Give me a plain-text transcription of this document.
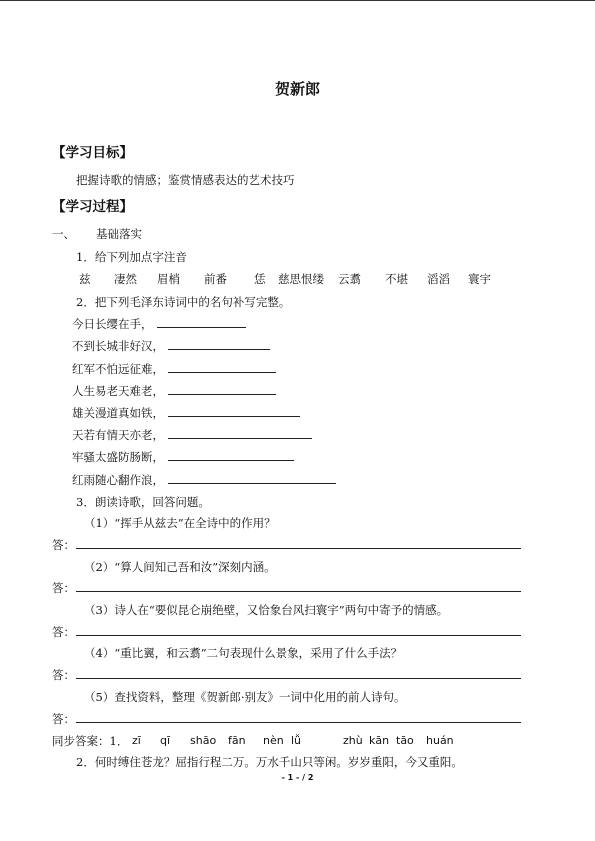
贺新郎
【学习目标】
把握诗歌的情感；鉴赏情感表达的艺术技巧
【学习过程】
一、 基础落实
1．给下列加点字注音
兹 凄然 眉梢 前番 恁 慈思恨缕 云翥 不堪 滔滔 寰宇
2．把下列毛泽东诗词中的名句补写完整。
今日长缨在手，
不到长城非好汉，
红军不怕远征难，
人生易老天难老，
雄关漫道真如铁，
天若有情天亦老，
牢骚太盛防肠断，
红雨随心翻作浪，
3．朗读诗歌，回答问题。
（1）“挥手从兹去”在全诗中的作用？
答：
（2）“算人间知己吾和汝”深刻内涵。
答：
（3）诗人在“要似昆仑崩绝壁，又恰象台风扫寰宇”两句中寄予的情感。
答：
（4）“重比翼，和云翥”二句表现什么景象，采用了什么手法？
答：
（5）查找资料，整理《贺新郎·别友》一词中化用的前人诗句。
答：
同步答案：1． zī qī shāo fān nèn lǚ	zhù kān tāo huán
2．何时缚住苍龙？屈指行程二万。万水千山只等闲。岁岁重阳，今又重阳。
- 1 - / 2
